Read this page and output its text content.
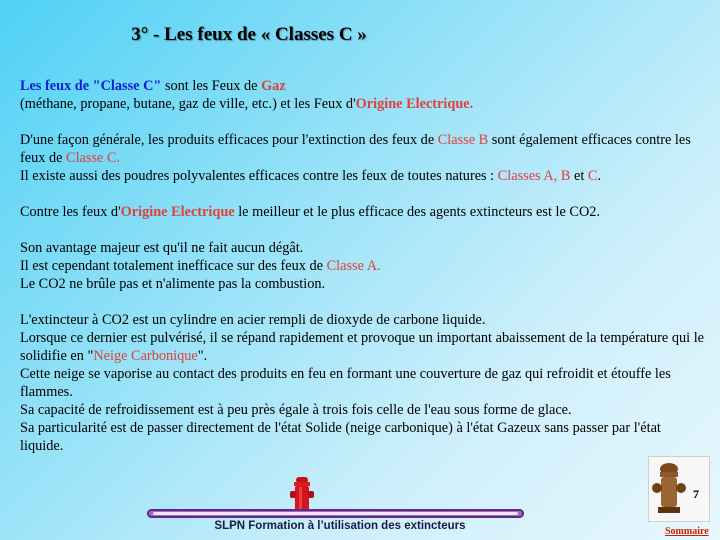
3° - Les feux de « Classes C »

Les feux de "Classe C" sont les Feux de Gaz
(méthane, propane, butane, gaz de ville, etc.) et les Feux d'Origine Electrique.

D'une façon générale, les produits efficaces pour l'extinction des feux de Classe B sont également efficaces contre les feux de Classe C.
Il existe aussi des poudres polyvalentes efficaces contre les feux de toutes natures : Classes A, B et C.

Contre les feux d'Origine Electrique le meilleur et le plus efficace des agents extincteurs est le CO2.

Son avantage majeur est qu'il ne fait aucun dégât.
Il est cependant totalement inefficace sur des feux de Classe A.
Le CO2 ne brûle pas et n'alimente pas la combustion.

L'extincteur à CO2 est un cylindre en acier rempli de dioxyde de carbone liquide.
Lorsque ce dernier est pulvérisé, il se répand rapidement et provoque un important abaissement de la température qui le solidifie en "Neige Carbonique".
Cette neige se vaporise au contact des produits en feu en formant une couverture de gaz qui refroidit et étouffe les flammes.
Sa capacité de refroidissement est à peu près égale à trois fois celle de l'eau sous forme de glace.
Sa particularité est de passer directement de l'état Solide (neige carbonique) à l'état Gazeux sans passer par l'état liquide.

SLPN Formation à l’utilisation des extincteurs
7
Sommaire
